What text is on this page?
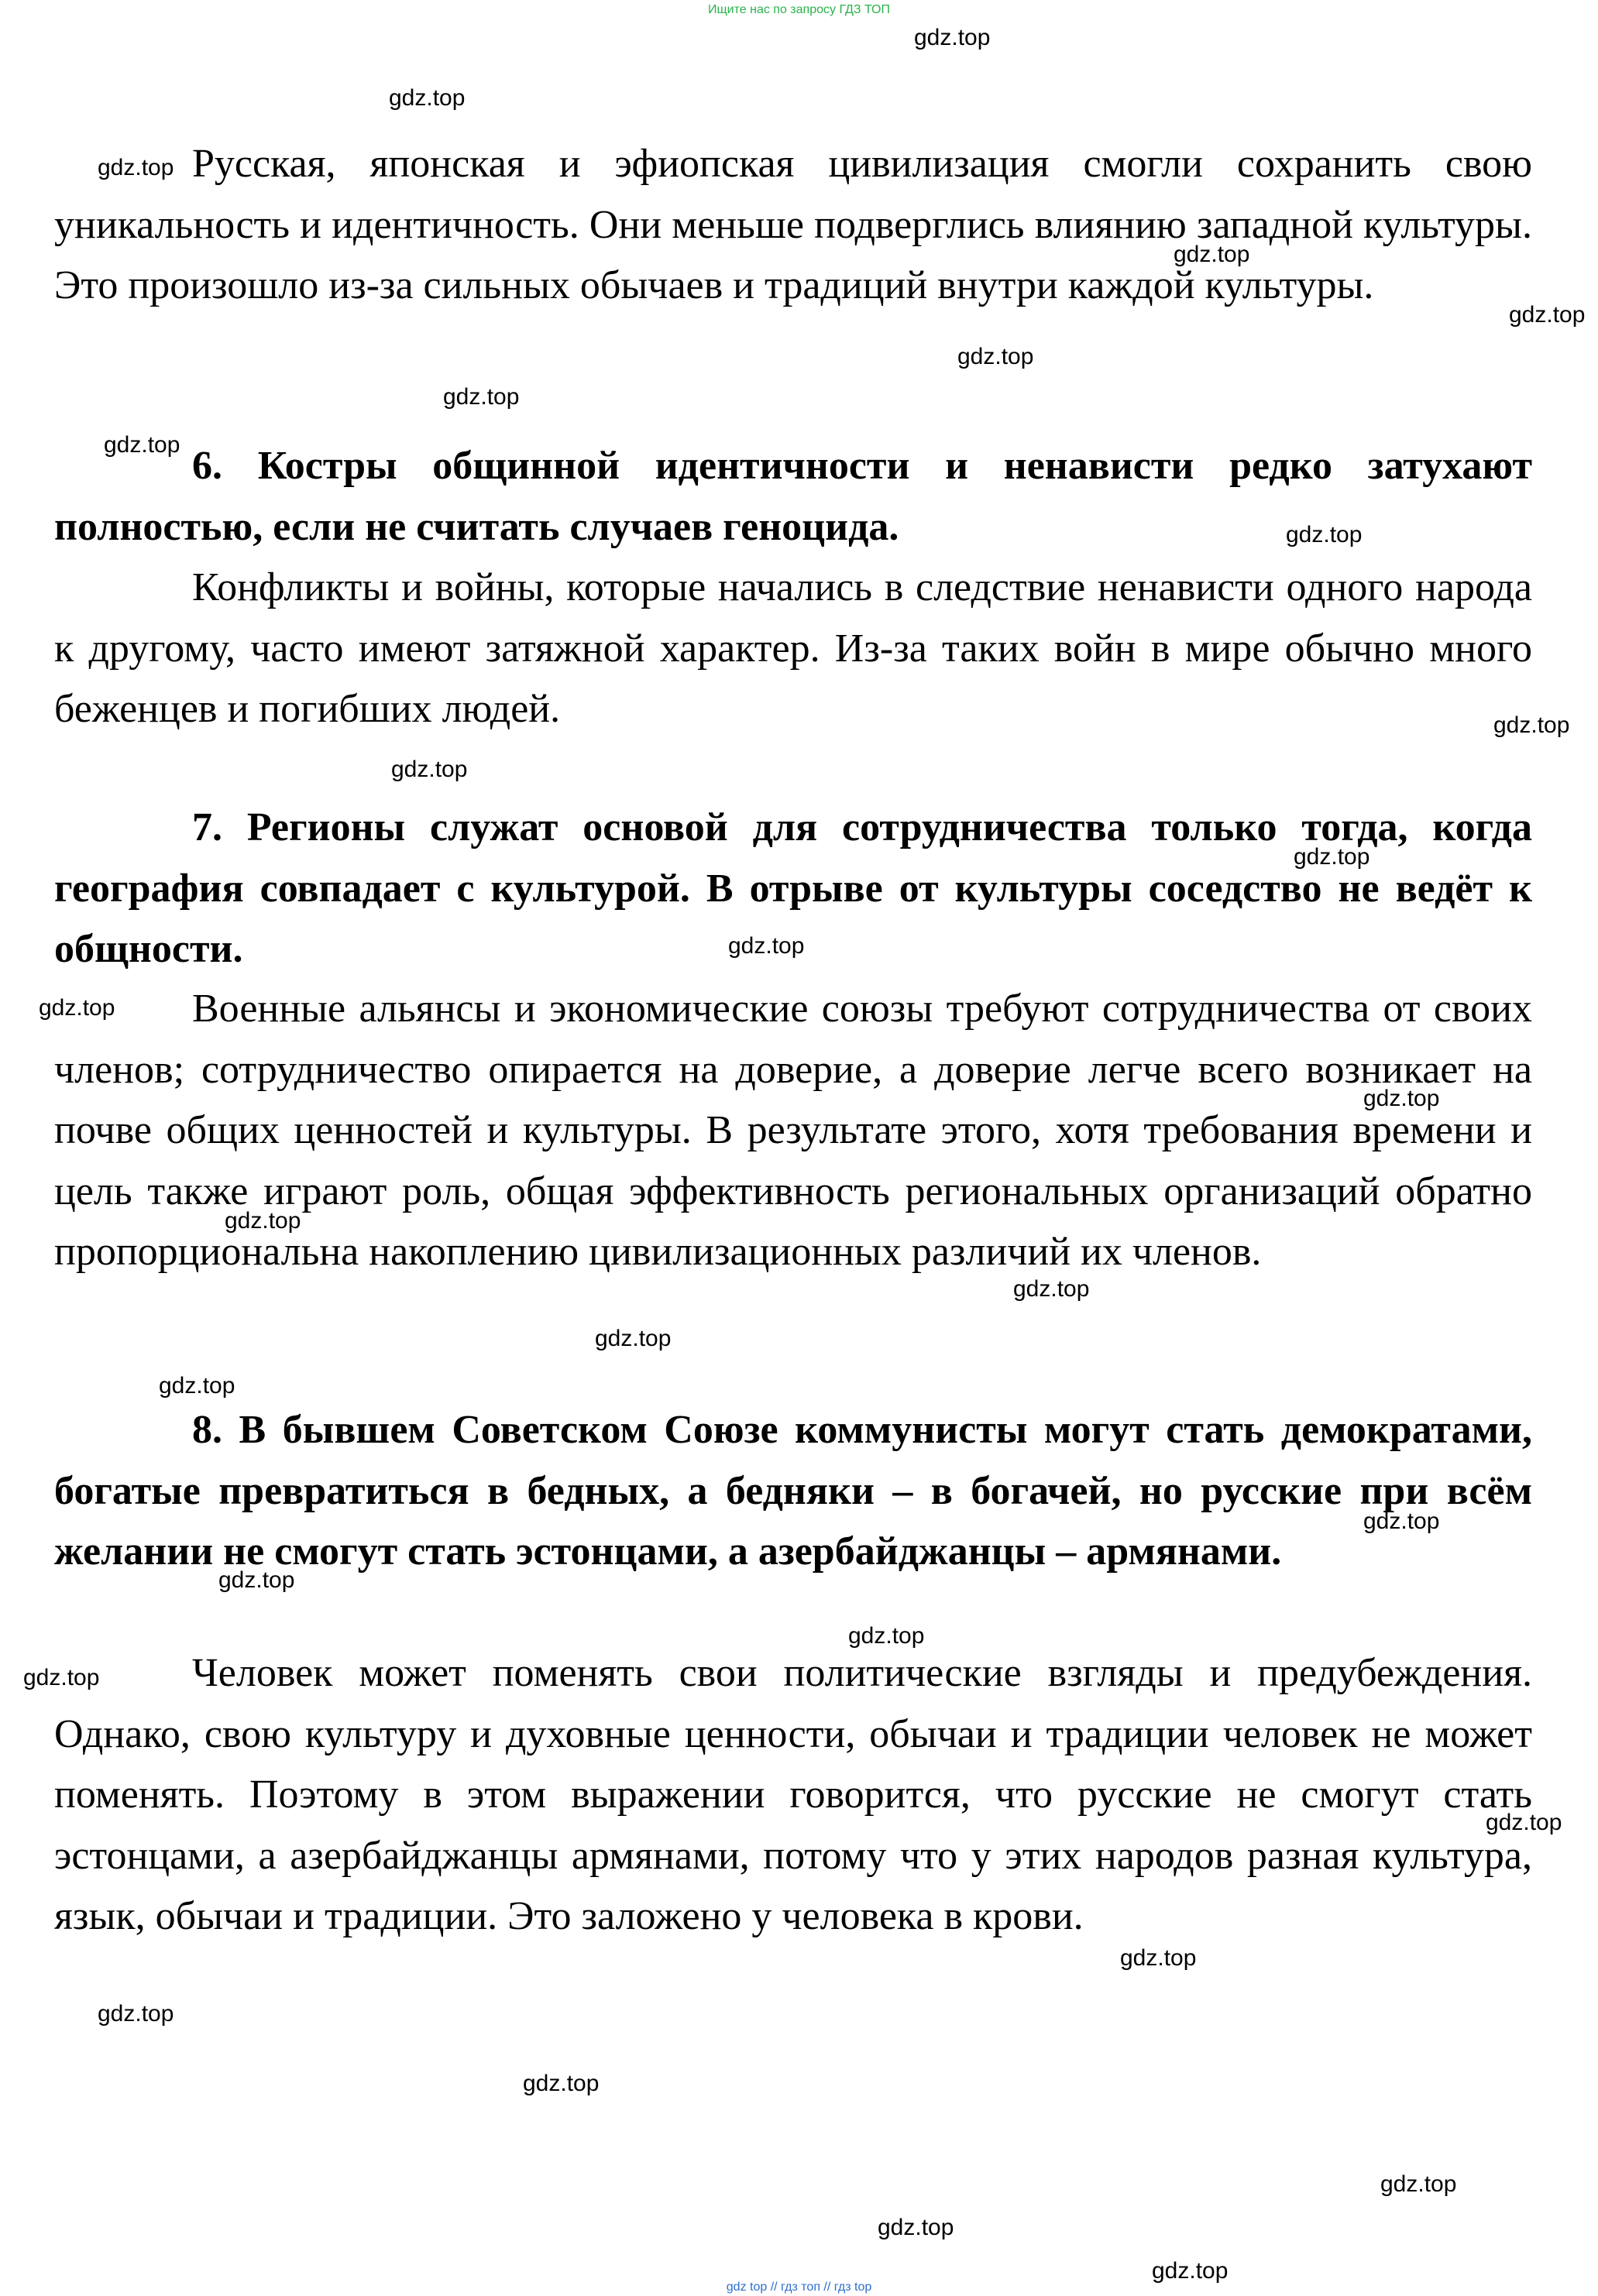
Ищите нас по запросу ГДЗ ТОП
Русская, японская и эфиопская цивилизация смогли сохранить свою уникальность и идентичность. Они меньше подверглись влиянию западной культуры. Это произошло из-за сильных обычаев и традиций внутри каждой культуры.
6. Костры общинной идентичности и ненависти редко затухают полностью, если не считать случаев геноцида.
Конфликты и войны, которые начались в следствие ненависти одного народа к другому, часто имеют затяжной характер. Из-за таких войн в мире обычно много беженцев и погибших людей.
7. Регионы служат основой для сотрудничества только тогда, когда география совпадает с культурой. В отрыве от культуры соседство не ведёт к общности.
Военные альянсы и экономические союзы требуют сотрудничества от своих членов; сотрудничество опирается на доверие, а доверие легче всего возникает на почве общих ценностей и культуры. В результате этого, хотя требования времени и цель также играют роль, общая эффективность региональных организаций обратно пропорциональна накоплению цивилизационных различий их членов.
8. В бывшем Советском Союзе коммунисты могут стать демократами, богатые превратиться в бедных, а бедняки – в богачей, но русские при всём желании не смогут стать эстонцами, а азербайджанцы – армянами.
Человек может поменять свои политические взгляды и предубеждения. Однако, свою культуру и духовные ценности, обычаи и традиции человек не может поменять. Поэтому в этом выражении говорится, что русские не смогут стать эстонцами, а азербайджанцы армянами, потому что у этих народов разная культура, язык, обычаи и традиции. Это заложено у человека в крови.
gdz.top
gdz.top
gdz.top
gdz.top
gdz.top
gdz.top
gdz.top
gdz.top
gdz.top
gdz.top
gdz.top
gdz.top
gdz.top
gdz.top
gdz.top
gdz.top
gdz.top
gdz.top
gdz.top
gdz.top
gdz.top
gdz.top
gdz.top
gdz.top
gdz.top
gdz.top
gdz.top
gdz.top
gdz.top
gdz.top
gdz top // гдз топ // гдз top
